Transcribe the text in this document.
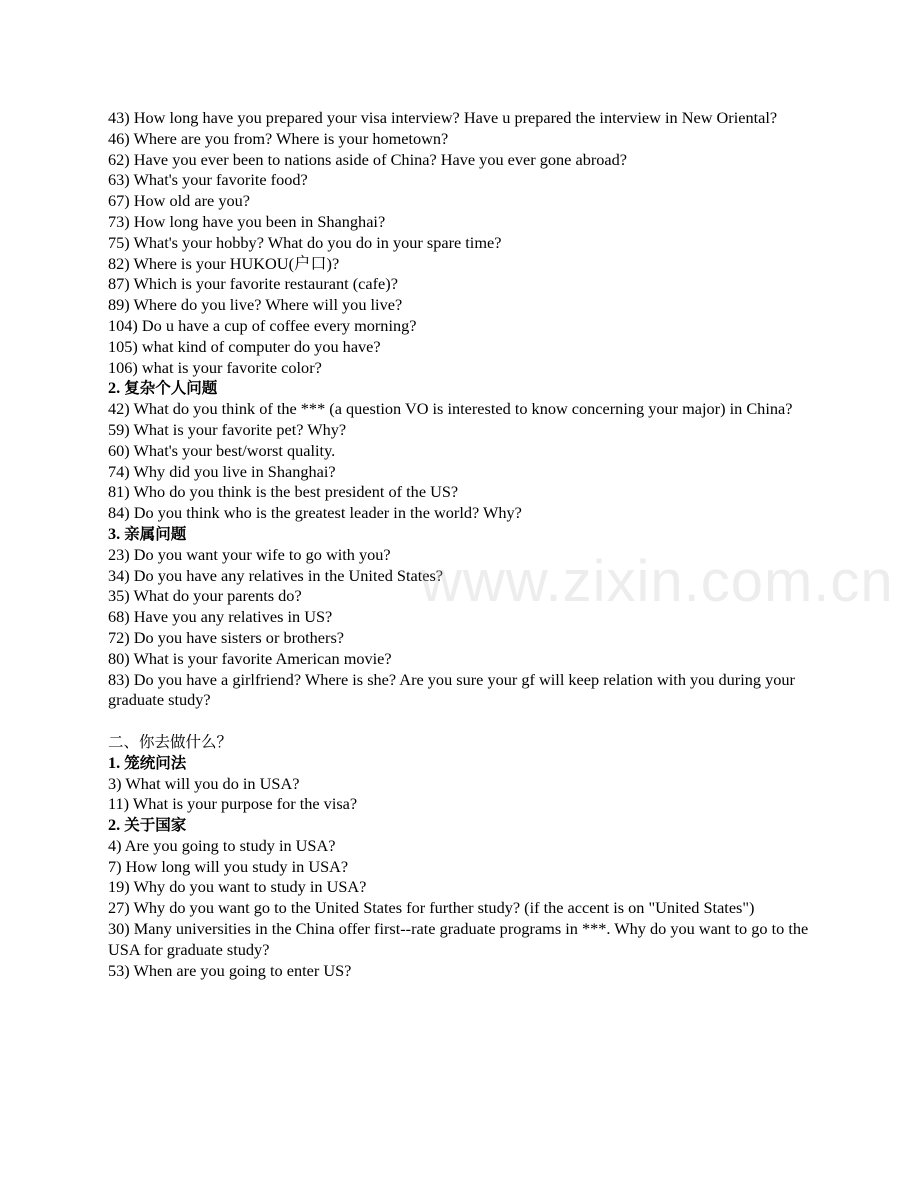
43) How long have you prepared your visa interview? Have u prepared the interview in New Oriental?

46) Where are you from? Where is your hometown?

62) Have you ever been to nations aside of China? Have you ever gone abroad?

63) What's your favorite food?

67) How old are you?

73) How long have you been in Shanghai?

75) What's your hobby? What do you do in your spare time?

82) Where is your HUKOU(户口)?

87) Which is your favorite restaurant (cafe)?

89) Where do you live? Where will you live?

104) Do u have a cup of coffee every morning?

105) what kind of computer do you have?

106) what is your favorite color?

2. 复杂个人问题

42) What do you think of the *** (a question VO is interested to know concerning your major) in China?

59) What is your favorite pet? Why?

60) What's your best/worst quality.

74) Why did you live in Shanghai?

81) Who do you think is the best president of the US?

84) Do you think who is the greatest leader in the world? Why?

3. 亲属问题

23) Do you want your wife to go with you?

34) Do you have any relatives in the United States?

35) What do your parents do?

68) Have you any relatives in US?

72) Do you have sisters or brothers?

80) What is your favorite American movie?

83) Do you have a girlfriend? Where is she? Are you sure your gf will keep relation with you during your graduate study?

二、你去做什么？

1. 笼统问法

3) What will you do in USA?

11) What is your purpose for the visa?

2. 关于国家

4) Are you going to study in USA?

7) How long will you study in USA?

19) Why do you want to study in USA?

27) Why do you want go to the United States for further study? (if the accent is on "United States")

30) Many universities in the China offer first--rate graduate programs in ***. Why do you want to go to the USA for graduate study?

53) When are you going to enter US?

www.zixin.com.cn
